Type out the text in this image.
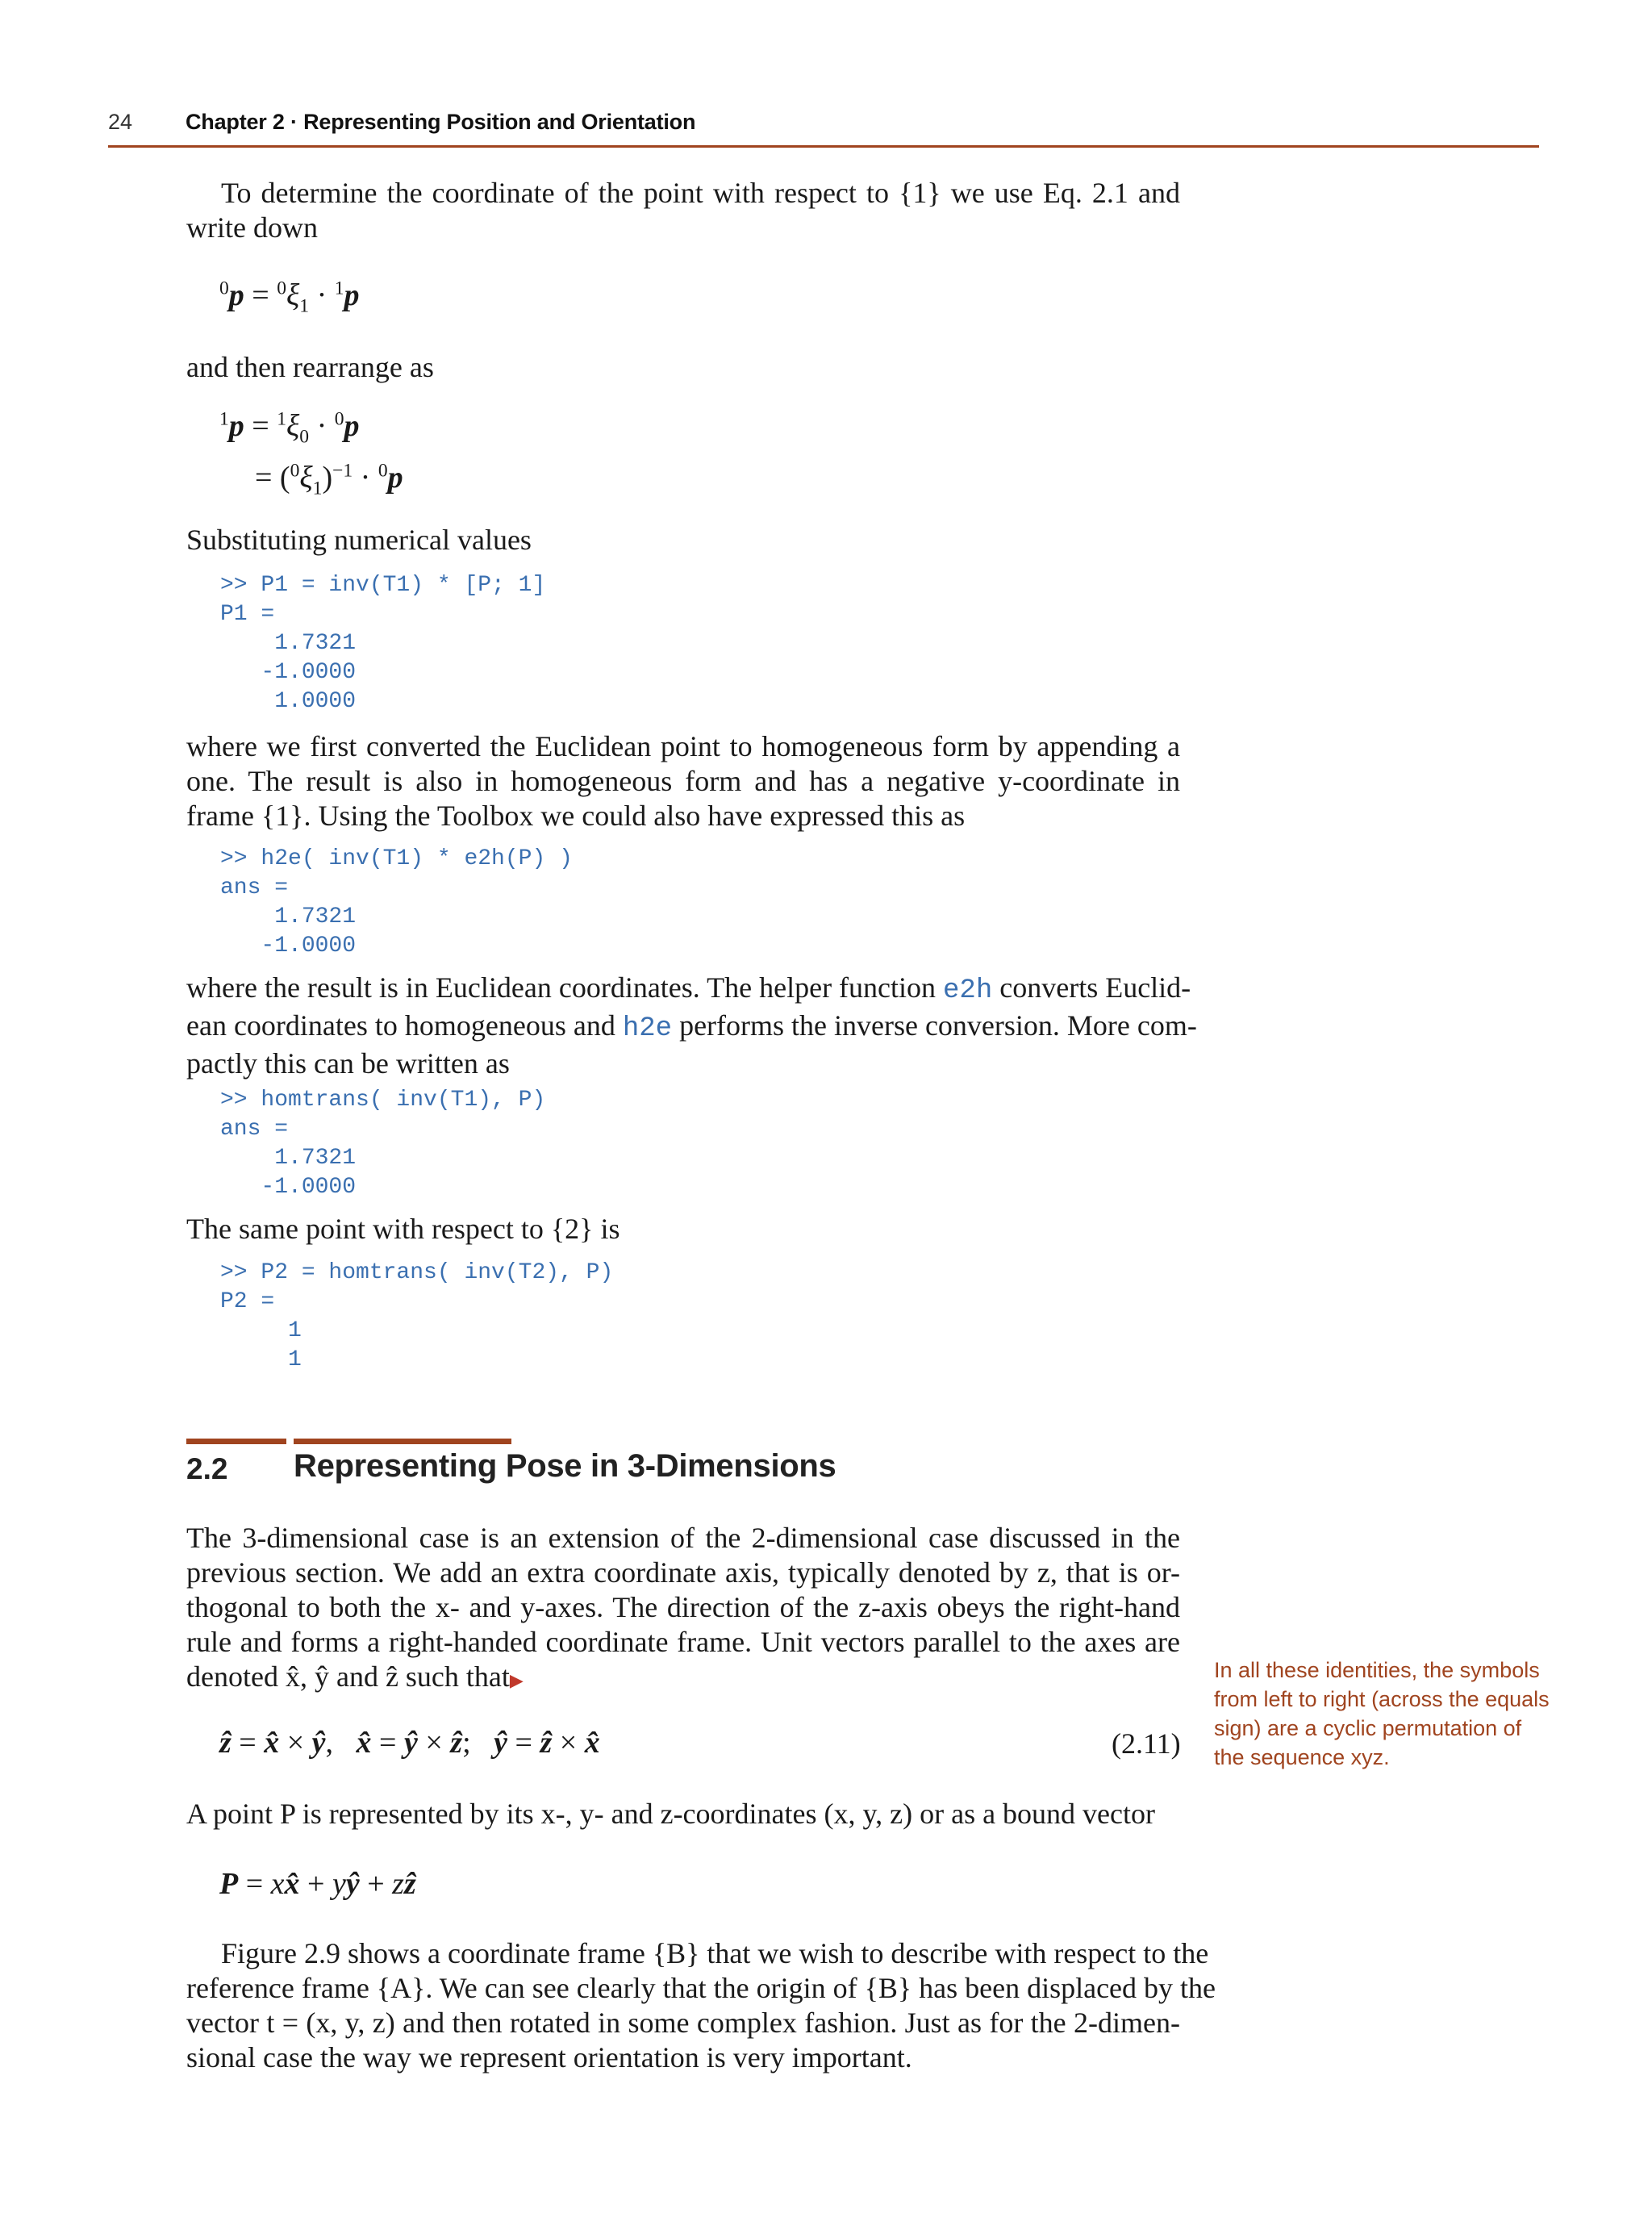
24 Chapter 2 · Representing Position and Orientation
To determine the coordinate of the point with respect to {1} we use Eq. 2.1 and
write down
$^0p = ^0\xi_1 \cdot ^1p$
and then rearrange as
$^1p = ^1\xi_0 \cdot ^0p$
= $(^0\xi_1)^{-1} \cdot ^0p$
Substituting numerical values
>> P1 = inv(T1) * [P; 1]
P1 =
1.7321
-1.0000
1.0000
where we first converted the Euclidean point to homogeneous form by appending a
one. The result is also in homogeneous form and has a negative y-coordinate in
frame {1}. Using the Toolbox we could also have expressed this as
>> h2e( inv(T1) * e2h(P) )
ans =
1.7321
-1.0000
where the result is in Euclidean coordinates. The helper function e2h converts Euclid-
ean coordinates to homogeneous and h2e performs the inverse conversion. More com-
pactly this can be written as
>> homtrans( inv(T1), P)
ans =
1.7321
-1.0000
The same point with respect to {2} is
>> P2 = homtrans( inv(T2), P)
P2 =
1
1
2.2 Representing Pose in 3-Dimensions
The 3-dimensional case is an extension of the 2-dimensional case discussed in the
previous section. We add an extra coordinate axis, typically denoted by z, that is or-
thogonal to both the x- and y-axes. The direction of the z-axis obeys the right-hand
rule and forms a right-handed coordinate frame. Unit vectors parallel to the axes are
denoted x̂, ŷ and ẑ such that▶
ẑ = x̂ × ŷ,   x̂ = ŷ × ẑ;   ŷ = ẑ × x̂	(2.11)
In all these identities, the symbols from left to right (across the equals sign) are a cyclic permutation of the sequence xyz.
A point P is represented by its x-, y- and z-coordinates (x, y, z) or as a bound vector
P = xx̂ + yŷ + zẑ
Figure 2.9 shows a coordinate frame {B} that we wish to describe with respect to the
reference frame {A}. We can see clearly that the origin of {B} has been displaced by the
vector t = (x, y, z) and then rotated in some complex fashion. Just as for the 2-dimen-
sional case the way we represent orientation is very important.
